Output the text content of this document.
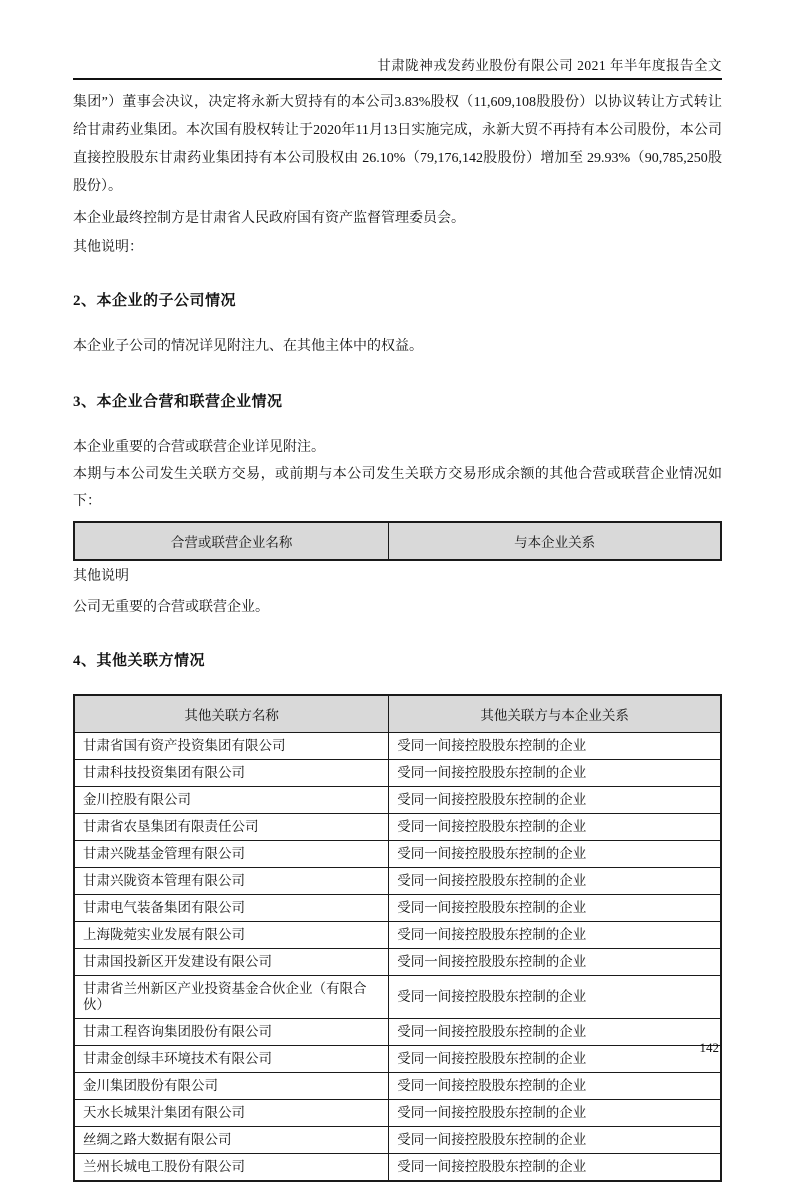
甘肃陇神戎发药业股份有限公司 2021 年半年度报告全文

集团”）董事会决议，决定将永新大贸持有的本公司3.83%股权（11,609,108股股份）以协议转让方式转让给甘肃药业集团。本次国有股权转让于2020年11月13日实施完成，永新大贸不再持有本公司股份，本公司直接控股股东甘肃药业集团持有本公司股权由 26.10%（79,176,142股股份）增加至 29.93%（90,785,250股股份）。

本企业最终控制方是甘肃省人民政府国有资产监督管理委员会。

其他说明：

2、本企业的子公司情况

本企业子公司的情况详见附注九、在其他主体中的权益。

3、本企业合营和联营企业情况

本企业重要的合营或联营企业详见附注。

本期与本公司发生关联方交易，或前期与本公司发生关联方交易形成余额的其他合营或联营企业情况如下：

合营或联营企业名称	与本企业关系

其他说明

公司无重要的合营或联营企业。

4、其他关联方情况
其他关联方名称	其他关联方与本企业关系
甘肃省国有资产投资集团有限公司	受同一间接控股股东控制的企业
甘肃科技投资集团有限公司	受同一间接控股股东控制的企业
金川控股有限公司	受同一间接控股股东控制的企业
甘肃省农垦集团有限责任公司	受同一间接控股股东控制的企业
甘肃兴陇基金管理有限公司	受同一间接控股股东控制的企业
甘肃兴陇资本管理有限公司	受同一间接控股股东控制的企业
甘肃电气装备集团有限公司	受同一间接控股股东控制的企业
上海陇菀实业发展有限公司	受同一间接控股股东控制的企业
甘肃国投新区开发建设有限公司	受同一间接控股股东控制的企业
甘肃省兰州新区产业投资基金合伙企业（有限合伙）	受同一间接控股股东控制的企业
甘肃工程咨询集团股份有限公司	受同一间接控股股东控制的企业
甘肃金创绿丰环境技术有限公司	受同一间接控股股东控制的企业
金川集团股份有限公司	受同一间接控股股东控制的企业
天水长城果汁集团有限公司	受同一间接控股股东控制的企业
丝绸之路大数据有限公司	受同一间接控股股东控制的企业
兰州长城电工股份有限公司	受同一间接控股股东控制的企业
142
